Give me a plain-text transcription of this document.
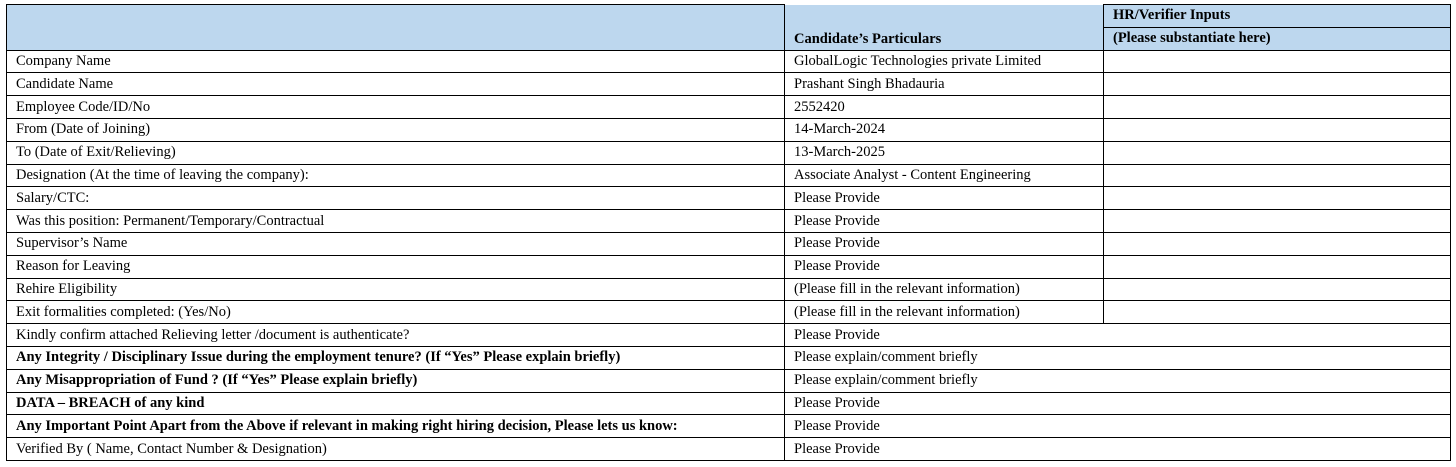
		HR/Verifier Inputs
	Candidate’s Particulars	(Please substantiate here)
Company Name	GlobalLogic Technologies private Limited	
Candidate Name	Prashant Singh Bhadauria	
Employee Code/ID/No	2552420	
From (Date of Joining)	14-March-2024	
To (Date of Exit/Relieving)	13-March-2025	
Designation (At the time of leaving the company):	Associate Analyst - Content Engineering	
Salary/CTC:	Please Provide	
Was this position: Permanent/Temporary/Contractual	Please Provide	
Supervisor’s Name	Please Provide	
Reason for Leaving	Please Provide	
Rehire Eligibility	(Please fill in the relevant information)	
Exit formalities completed: (Yes/No)	(Please fill in the relevant information)	
Kindly confirm attached Relieving letter /document is authenticate?	Please Provide	
Any Integrity / Disciplinary Issue during the employment tenure? (If “Yes” Please explain briefly)	Please explain/comment briefly	
Any Misappropriation of Fund ? (If “Yes” Please explain briefly)	Please explain/comment briefly	
DATA – BREACH of any kind	Please Provide	
Any Important Point Apart from the Above if relevant in making right hiring decision, Please lets us know:	Please Provide	
Verified By ( Name, Contact Number & Designation)	Please Provide	
